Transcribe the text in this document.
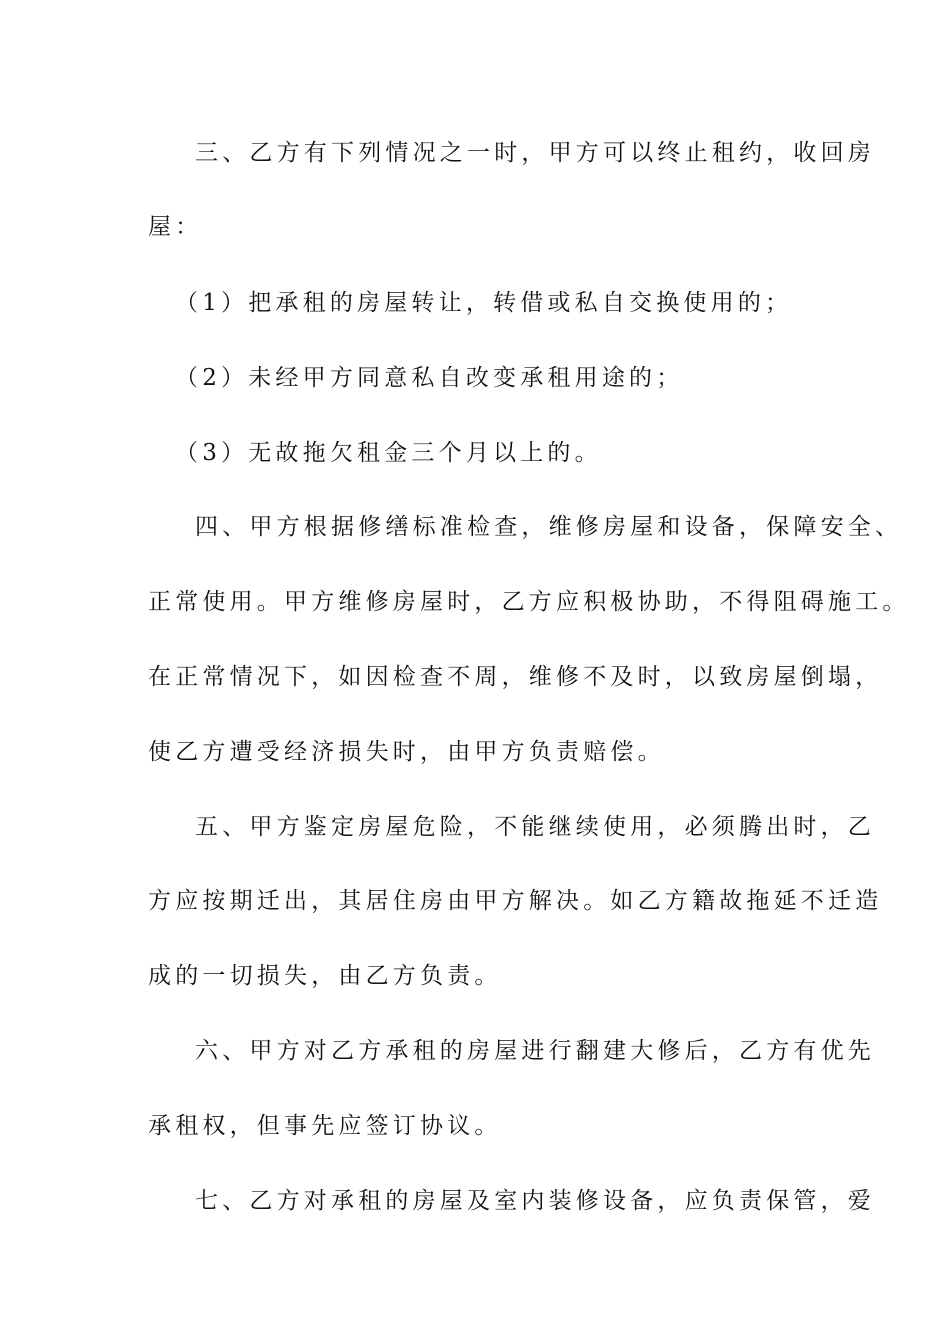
三、乙方有下列情况之一时，甲方可以终止租约，收回房

屋：

（1）把承租的房屋转让，转借或私自交换使用的；

（2）未经甲方同意私自改变承租用途的；

（3）无故拖欠租金三个月以上的。

四、甲方根据修缮标准检查，维修房屋和设备，保障安全、

正常使用。甲方维修房屋时，乙方应积极协助，不得阻碍施工。

在正常情况下，如因检查不周，维修不及时，以致房屋倒塌，

使乙方遭受经济损失时，由甲方负责赔偿。

五、甲方鉴定房屋危险，不能继续使用，必须腾出时，乙

方应按期迁出，其居住房由甲方解决。如乙方籍故拖延不迁造

成的一切损失，由乙方负责。

六、甲方对乙方承租的房屋进行翻建大修后，乙方有优先

承租权，但事先应签订协议。

七、乙方对承租的房屋及室内装修设备，应负责保管，爱
